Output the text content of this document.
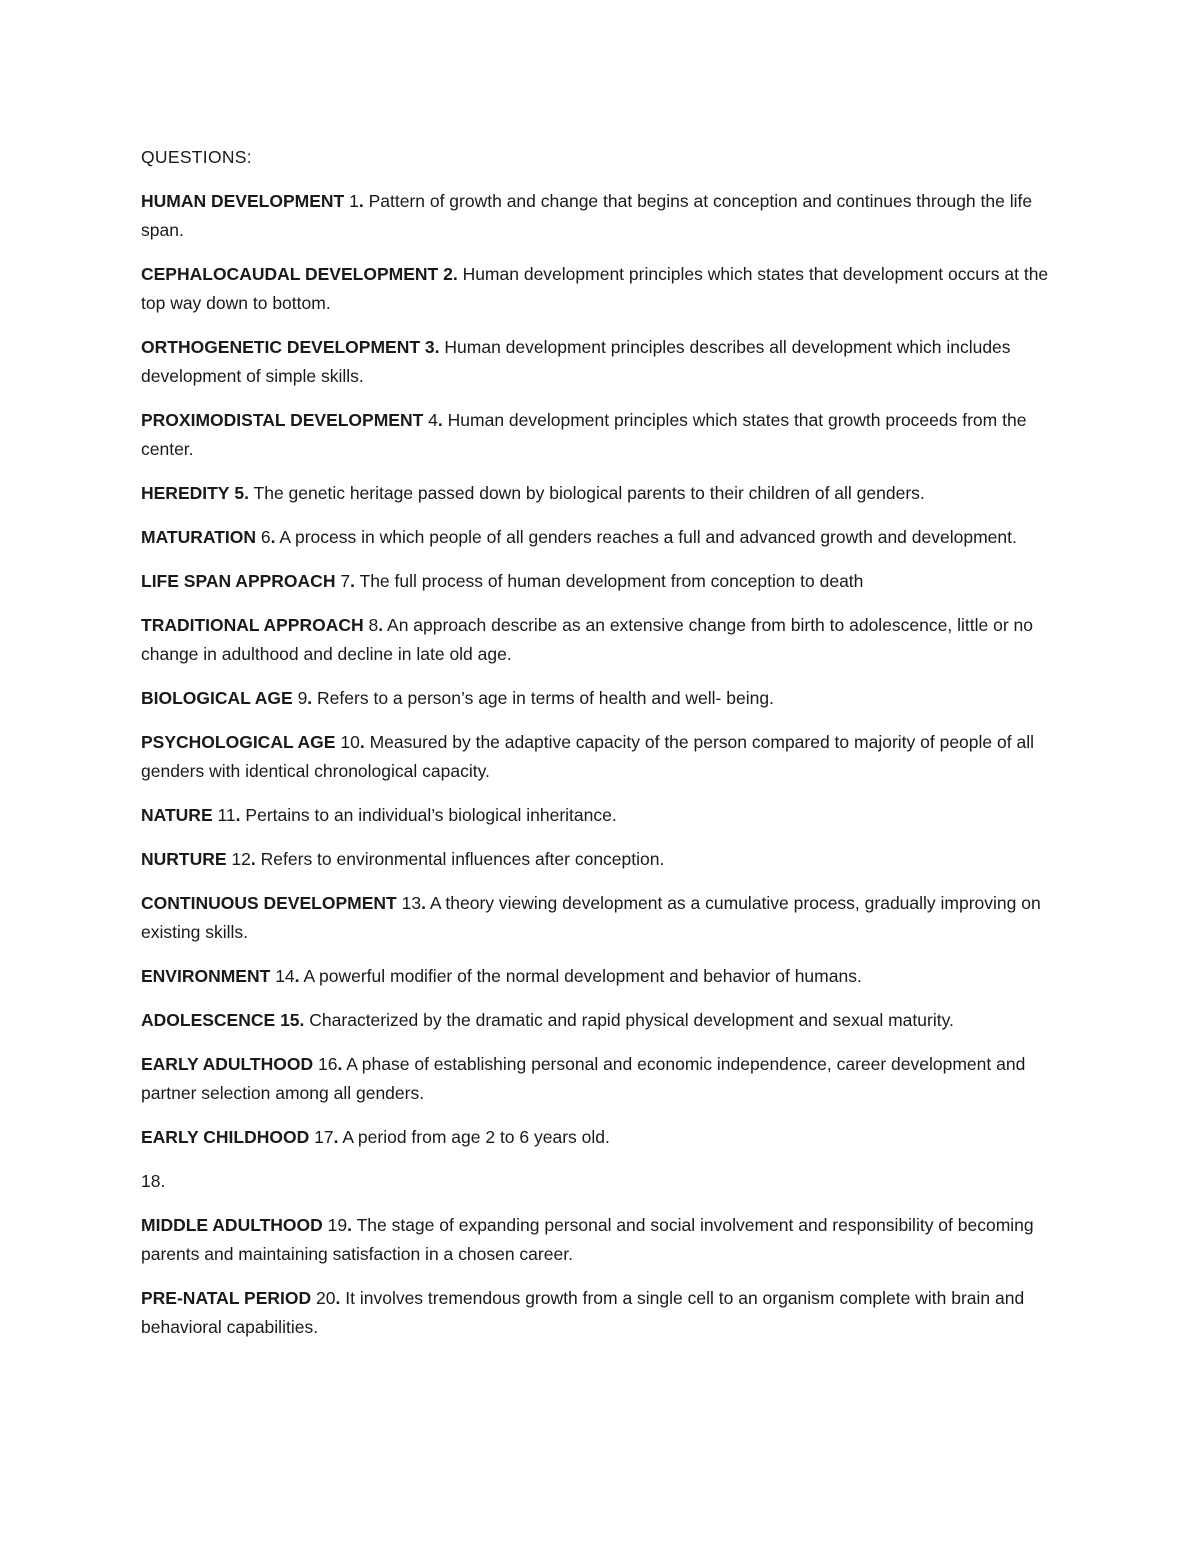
QUESTIONS:

HUMAN DEVELOPMENT 1. Pattern of growth and change that begins at conception and continues through the life span.

CEPHALOCAUDAL DEVELOPMENT 2. Human development principles which states that development occurs at the top way down to bottom.

ORTHOGENETIC DEVELOPMENT 3. Human development principles describes all development which includes development of simple skills.

PROXIMODISTAL DEVELOPMENT 4. Human development principles which states that growth proceeds from the center.

HEREDITY 5. The genetic heritage passed down by biological parents to their children of all genders.

MATURATION 6. A process in which people of all genders reaches a full and advanced growth and development.

LIFE SPAN APPROACH 7. The full process of human development from conception to death

TRADITIONAL APPROACH 8. An approach describe as an extensive change from birth to adolescence, little or no change in adulthood and decline in late old age.

BIOLOGICAL AGE 9. Refers to a person’s age in terms of health and well- being.

PSYCHOLOGICAL AGE 10. Measured by the adaptive capacity of the person compared to majority of people of all genders with identical chronological capacity.

NATURE 11. Pertains to an individual’s biological inheritance.

NURTURE 12. Refers to environmental influences after conception.

CONTINUOUS DEVELOPMENT 13. A theory viewing development as a cumulative process, gradually improving on existing skills.

ENVIRONMENT 14. A powerful modifier of the normal development and behavior of humans.

ADOLESCENCE 15. Characterized by the dramatic and rapid physical development and sexual maturity.

EARLY ADULTHOOD 16. A phase of establishing personal and economic independence, career development and partner selection among all genders.

EARLY CHILDHOOD 17. A period from age 2 to 6 years old.

18.

MIDDLE ADULTHOOD 19. The stage of expanding personal and social involvement and responsibility of becoming parents and maintaining satisfaction in a chosen career.

PRE-NATAL PERIOD 20. It involves tremendous growth from a single cell to an organism complete with brain and behavioral capabilities.
